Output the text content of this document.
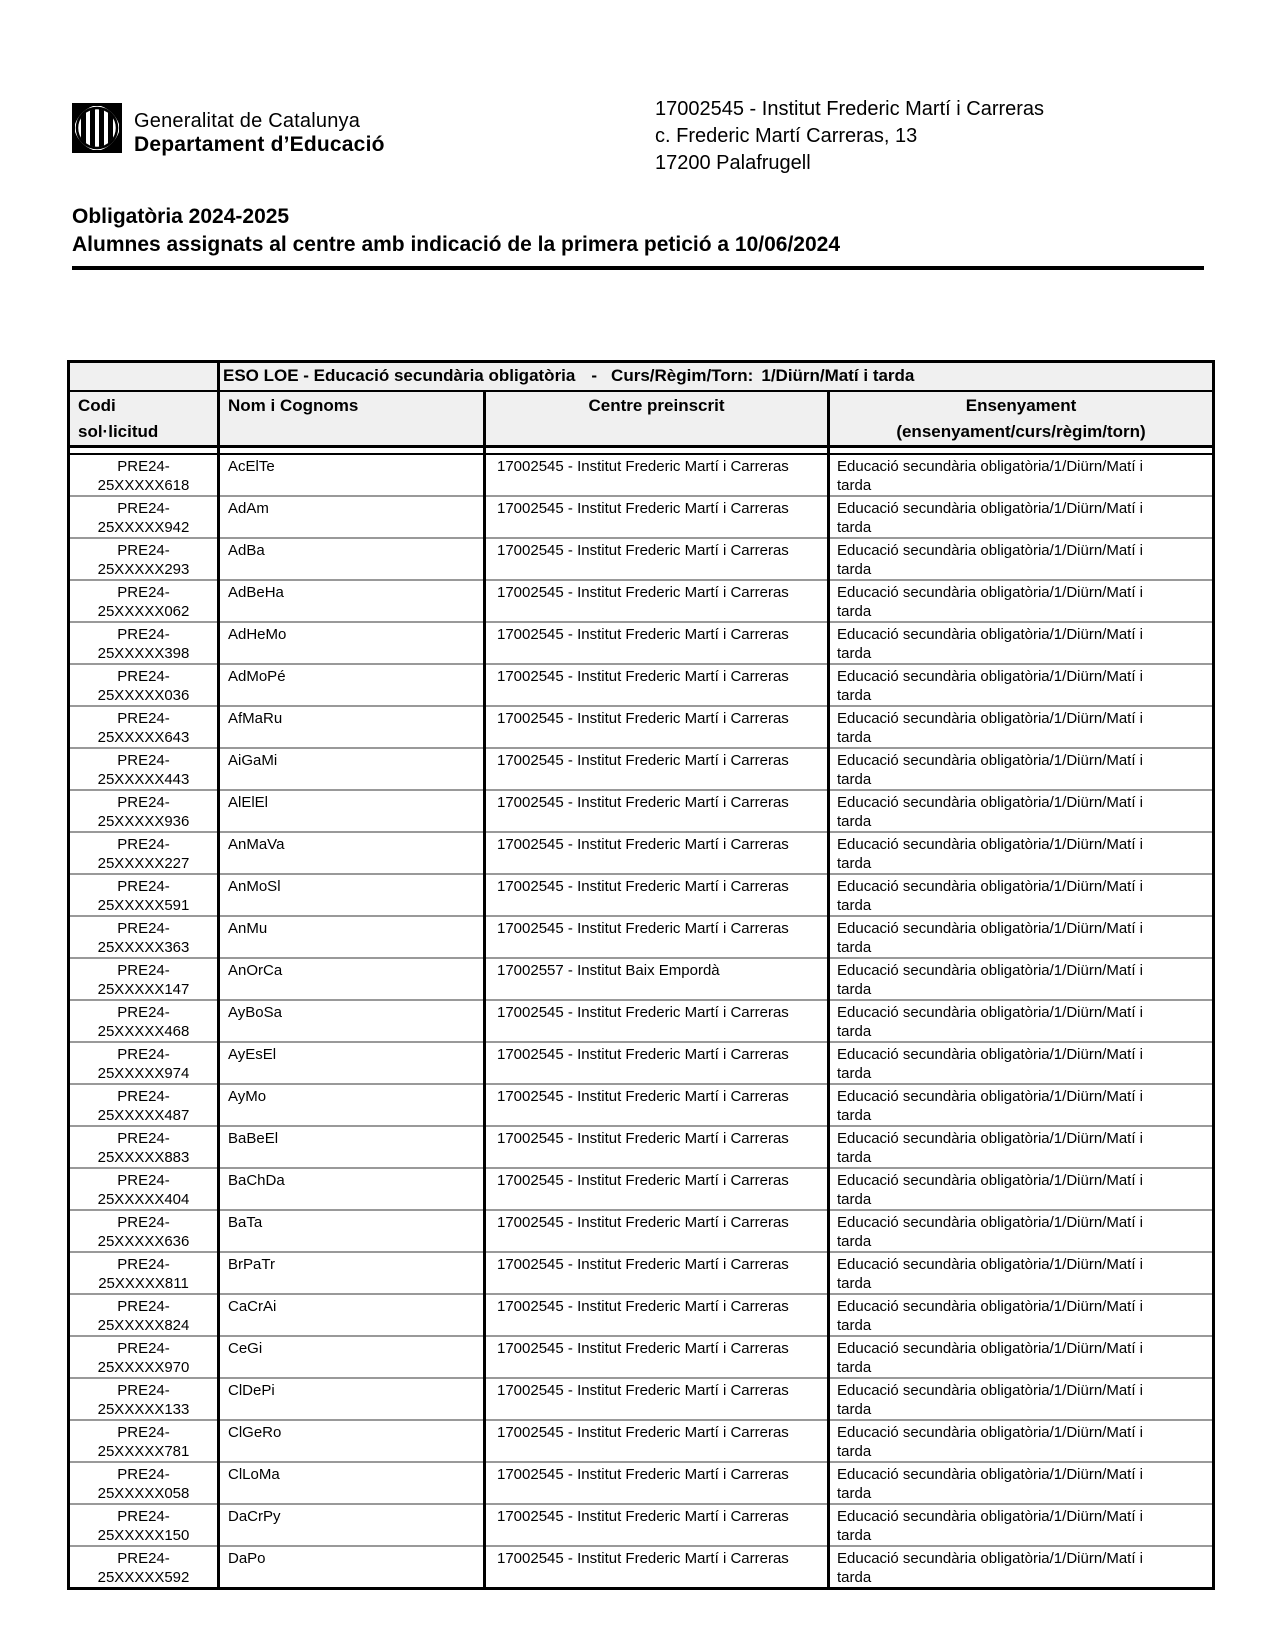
Generalitat de Catalunya
Departament d’Educació
17002545 - Institut Frederic Martí i Carreras
c. Frederic Martí Carreras, 13
17200 Palafrugell
Obligatòria 2024-2025
Alumnes assignats al centre amb indicació de la primera petició a 10/06/2024
	ESO LOE - Educació secundària obligatòria - Curs/Règim/Torn: 1/Diürn/Matí i tarda		

Codi
sol·licitud
	Nom i Cognoms	Centre preinscrit	Ensenyament
(ensenyament/curs/règim/torn)

PRE24-
25XXXXX618
	AcElTe	17002545 - Institut Frederic Martí i Carreras	Educació secundària obligatòria/1/Diürn/Matí i
tarda

PRE24-
25XXXXX942
	AdAm	17002545 - Institut Frederic Martí i Carreras	Educació secundària obligatòria/1/Diürn/Matí i
tarda

PRE24-
25XXXXX293
	AdBa	17002545 - Institut Frederic Martí i Carreras	Educació secundària obligatòria/1/Diürn/Matí i
tarda

PRE24-
25XXXXX062
	AdBeHa	17002545 - Institut Frederic Martí i Carreras	Educació secundària obligatòria/1/Diürn/Matí i
tarda

PRE24-
25XXXXX398
	AdHeMo	17002545 - Institut Frederic Martí i Carreras	Educació secundària obligatòria/1/Diürn/Matí i
tarda

PRE24-
25XXXXX036
	AdMoPé	17002545 - Institut Frederic Martí i Carreras	Educació secundària obligatòria/1/Diürn/Matí i
tarda

PRE24-
25XXXXX643
	AfMaRu	17002545 - Institut Frederic Martí i Carreras	Educació secundària obligatòria/1/Diürn/Matí i
tarda

PRE24-
25XXXXX443
	AiGaMi	17002545 - Institut Frederic Martí i Carreras	Educació secundària obligatòria/1/Diürn/Matí i
tarda

PRE24-
25XXXXX936
	AlElEl	17002545 - Institut Frederic Martí i Carreras	Educació secundària obligatòria/1/Diürn/Matí i
tarda

PRE24-
25XXXXX227
	AnMaVa	17002545 - Institut Frederic Martí i Carreras	Educació secundària obligatòria/1/Diürn/Matí i
tarda

PRE24-
25XXXXX591
	AnMoSl	17002545 - Institut Frederic Martí i Carreras	Educació secundària obligatòria/1/Diürn/Matí i
tarda

PRE24-
25XXXXX363
	AnMu	17002545 - Institut Frederic Martí i Carreras	Educació secundària obligatòria/1/Diürn/Matí i
tarda

PRE24-
25XXXXX147
	AnOrCa	17002557 - Institut Baix Empordà	Educació secundària obligatòria/1/Diürn/Matí i
tarda

PRE24-
25XXXXX468
	AyBoSa	17002545 - Institut Frederic Martí i Carreras	Educació secundària obligatòria/1/Diürn/Matí i
tarda

PRE24-
25XXXXX974
	AyEsEl	17002545 - Institut Frederic Martí i Carreras	Educació secundària obligatòria/1/Diürn/Matí i
tarda

PRE24-
25XXXXX487
	AyMo	17002545 - Institut Frederic Martí i Carreras	Educació secundària obligatòria/1/Diürn/Matí i
tarda

PRE24-
25XXXXX883
	BaBeEl	17002545 - Institut Frederic Martí i Carreras	Educació secundària obligatòria/1/Diürn/Matí i
tarda

PRE24-
25XXXXX404
	BaChDa	17002545 - Institut Frederic Martí i Carreras	Educació secundària obligatòria/1/Diürn/Matí i
tarda

PRE24-
25XXXXX636
	BaTa	17002545 - Institut Frederic Martí i Carreras	Educació secundària obligatòria/1/Diürn/Matí i
tarda

PRE24-
25XXXXX811
	BrPaTr	17002545 - Institut Frederic Martí i Carreras	Educació secundària obligatòria/1/Diürn/Matí i
tarda

PRE24-
25XXXXX824
	CaCrAi	17002545 - Institut Frederic Martí i Carreras	Educació secundària obligatòria/1/Diürn/Matí i
tarda

PRE24-
25XXXXX970
	CeGi	17002545 - Institut Frederic Martí i Carreras	Educació secundària obligatòria/1/Diürn/Matí i
tarda

PRE24-
25XXXXX133
	ClDePi	17002545 - Institut Frederic Martí i Carreras	Educació secundària obligatòria/1/Diürn/Matí i
tarda

PRE24-
25XXXXX781
	ClGeRo	17002545 - Institut Frederic Martí i Carreras	Educació secundària obligatòria/1/Diürn/Matí i
tarda

PRE24-
25XXXXX058
	ClLoMa	17002545 - Institut Frederic Martí i Carreras	Educació secundària obligatòria/1/Diürn/Matí i
tarda

PRE24-
25XXXXX150
	DaCrPy	17002545 - Institut Frederic Martí i Carreras	Educació secundària obligatòria/1/Diürn/Matí i
tarda

PRE24-
25XXXXX592
	DaPo	17002545 - Institut Frederic Martí i Carreras	Educació secundària obligatòria/1/Diürn/Matí i
tarda
